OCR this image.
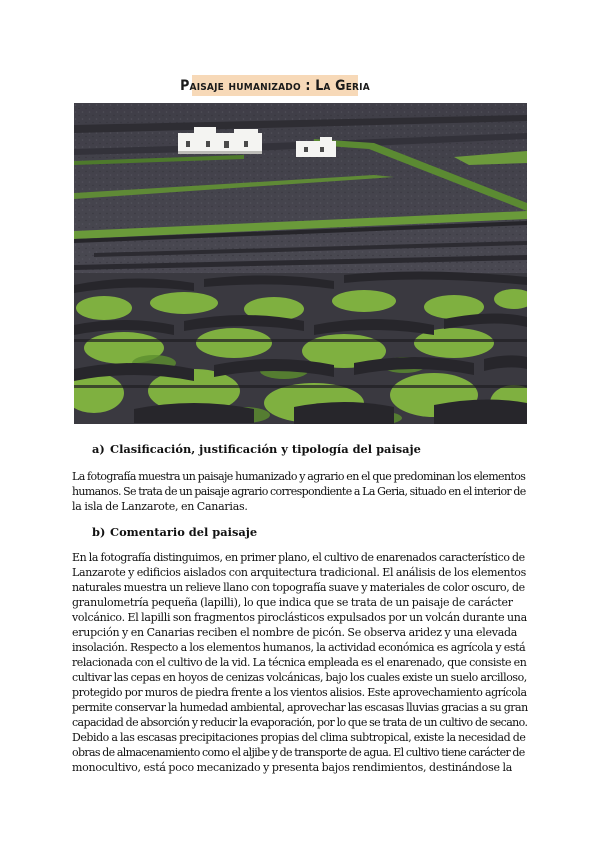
Paisaje humanizado : La Geria
a) Clasificación, justificación y tipología del paisaje
La fotografía muestra un paisaje humanizado y agrario en el que predominan los elementos
humanos. Se trata de un paisaje agrario correspondiente a La Geria, situado en el interior de
la isla de Lanzarote, en Canarias.
b) Comentario del paisaje
En la fotografía distinguimos, en primer plano, el cultivo de enarenados característico de
Lanzarote y edificios aislados con arquitectura tradicional. El análisis de los elementos
naturales muestra un relieve llano con topografía suave y materiales de color oscuro, de
granulometría pequeña (lapilli), lo que indica que se trata de un paisaje de carácter
volcánico. El lapilli son fragmentos piroclásticos expulsados por un volcán durante una
erupción y en Canarias reciben el nombre de picón. Se observa aridez y una elevada
insolación. Respecto a los elementos humanos, la actividad económica es agrícola y está
relacionada con el cultivo de la vid. La técnica empleada es el enarenado, que consiste en
cultivar las cepas en hoyos de cenizas volcánicas, bajo los cuales existe un suelo arcilloso,
protegido por muros de piedra frente a los vientos alisios. Este aprovechamiento agrícola
permite conservar la humedad ambiental, aprovechar las escasas lluvias gracias a su gran
capacidad de absorción y reducir la evaporación, por lo que se trata de un cultivo de secano.
Debido a las escasas precipitaciones propias del clima subtropical, existe la necesidad de
obras de almacenamiento como el aljibe y de transporte de agua. El cultivo tiene carácter de
monocultivo, está poco mecanizado y presenta bajos rendimientos, destinándose la
